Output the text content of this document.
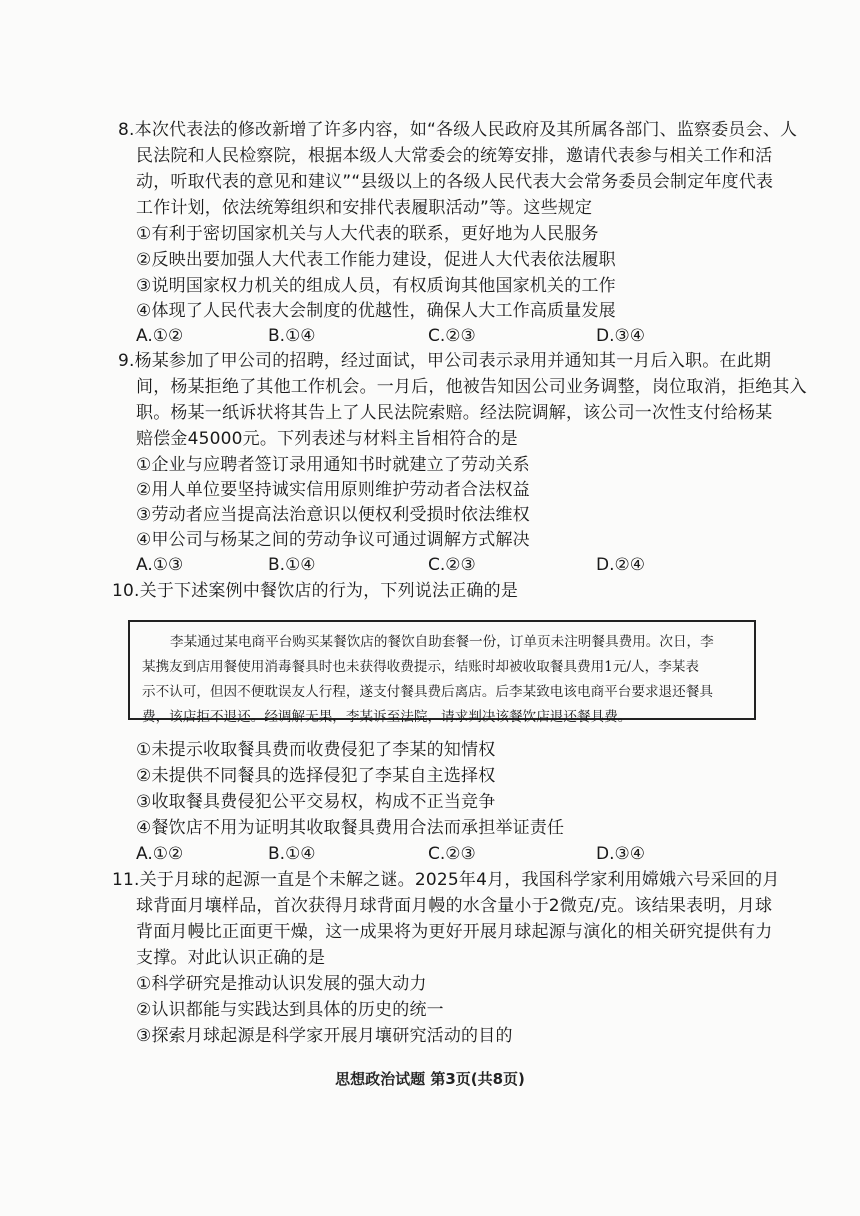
8.本次代表法的修改新增了许多内容，如“各级人民政府及其所属各部门、监察委员会、人
民法院和人民检察院，根据本级人大常委会的统筹安排，邀请代表参与相关工作和活
动，听取代表的意见和建议”“县级以上的各级人民代表大会常务委员会制定年度代表
工作计划，依法统筹组织和安排代表履职活动”等。这些规定
①有利于密切国家机关与人大代表的联系，更好地为人民服务
②反映出要加强人大代表工作能力建设，促进人大代表依法履职
③说明国家权力机关的组成人员，有权质询其他国家机关的工作
④体现了人民代表大会制度的优越性，确保人大工作高质量发展
A.①②	B.①④	C.②③	D.③④
9.杨某参加了甲公司的招聘，经过面试，甲公司表示录用并通知其一月后入职。在此期
间，杨某拒绝了其他工作机会。一月后，他被告知因公司业务调整，岗位取消，拒绝其入
职。杨某一纸诉状将其告上了人民法院索赔。经法院调解，该公司一次性支付给杨某
赔偿金45000元。下列表述与材料主旨相符合的是
①企业与应聘者签订录用通知书时就建立了劳动关系
②用人单位要坚持诚实信用原则维护劳动者合法权益
③劳动者应当提高法治意识以便权利受损时依法维权
④甲公司与杨某之间的劳动争议可通过调解方式解决
A.①③	B.①④	C.②③	D.②④
10.关于下述案例中餐饮店的行为，下列说法正确的是
李某通过某电商平台购买某餐饮店的餐饮自助套餐一份，订单页未注明餐具费用。次日，李
某携友到店用餐使用消毒餐具时也未获得收费提示，结账时却被收取餐具费用1元/人，李某表
示不认可，但因不便耽误友人行程，遂支付餐具费后离店。后李某致电该电商平台要求退还餐具
费，该店拒不退还。经调解无果，李某诉至法院，请求判决该餐饮店退还餐具费。
①未提示收取餐具费而收费侵犯了李某的知情权
②未提供不同餐具的选择侵犯了李某自主选择权
③收取餐具费侵犯公平交易权，构成不正当竞争
④餐饮店不用为证明其收取餐具费用合法而承担举证责任
A.①②	B.①④	C.②③	D.③④
11.关于月球的起源一直是个未解之谜。2025年4月，我国科学家利用嫦娥六号采回的月
球背面月壤样品，首次获得月球背面月幔的水含量小于2微克/克。该结果表明，月球
背面月幔比正面更干燥，这一成果将为更好开展月球起源与演化的相关研究提供有力
支撑。对此认识正确的是
①科学研究是推动认识发展的强大动力
②认识都能与实践达到具体的历史的统一
③探索月球起源是科学家开展月壤研究活动的目的
思想政治试题 第3页(共8页)
